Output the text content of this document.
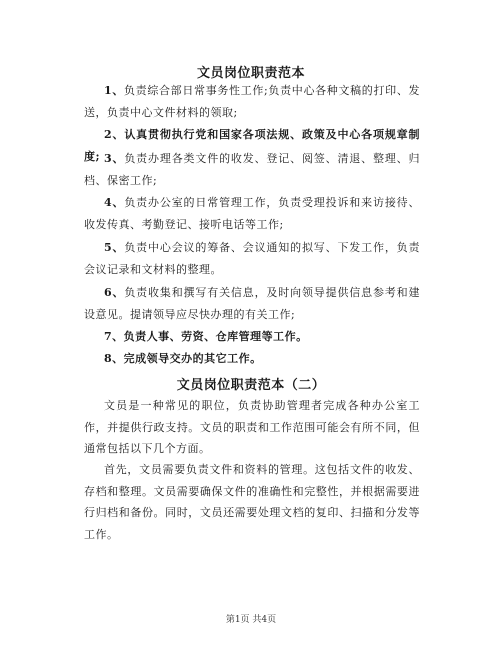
文员岗位职责范本

1、负责综合部日常事务性工作;负责中心各种文稿的打印、发送，负责中心文件材料的领取;

2、认真贯彻执行党和国家各项法规、政策及中心各项规章制度; 3、负责办理各类文件的收发、登记、阅签、清退、整理、归档、保密工作;

4、负责办公室的日常管理工作，负责受理投诉和来访接待、收发传真、考勤登记、接听电话等工作;

5、负责中心会议的筹备、会议通知的拟写、下发工作，负责会议记录和文材料的整理。

6、负责收集和撰写有关信息，及时向领导提供信息参考和建设意见。提请领导应尽快办理的有关工作;

7、负责人事、劳资、仓库管理等工作。

8、完成领导交办的其它工作。

文员岗位职责范本（二）

文员是一种常见的职位，负责协助管理者完成各种办公室工作，并提供行政支持。文员的职责和工作范围可能会有所不同，但通常包括以下几个方面。

首先，文员需要负责文件和资料的管理。这包括文件的收发、存档和整理。文员需要确保文件的准确性和完整性，并根据需要进行归档和备份。同时，文员还需要处理文档的复印、扫描和分发等工作。

第1页 共4页
